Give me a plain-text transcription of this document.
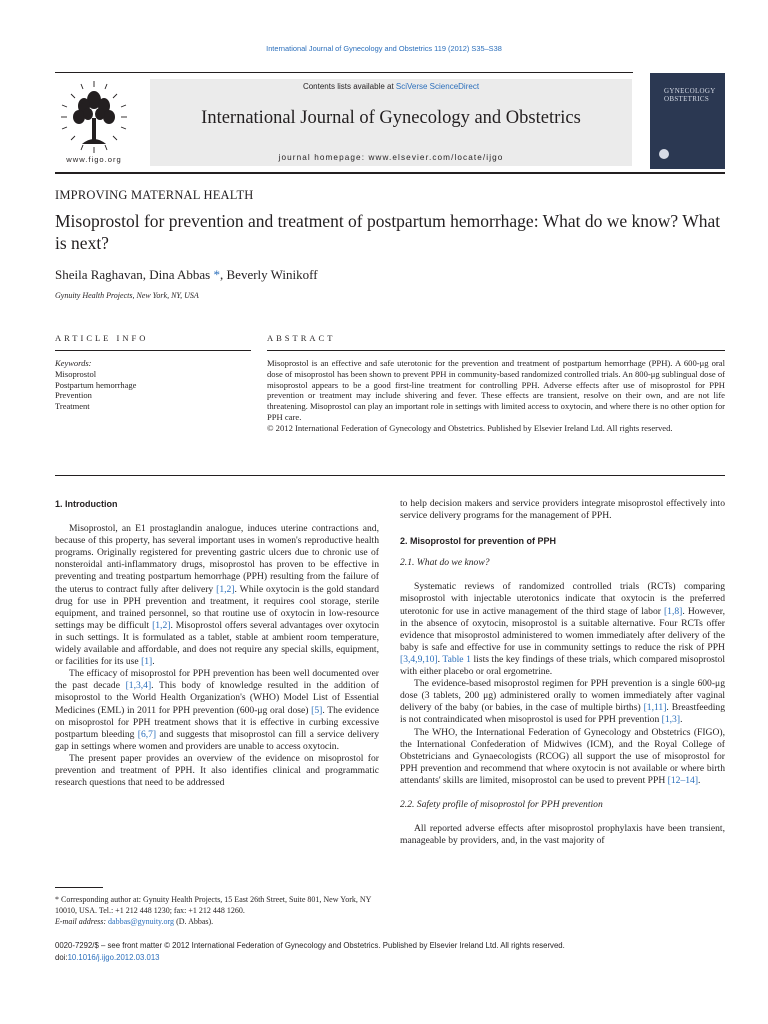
International Journal of Gynecology and Obstetrics 119 (2012) S35–S38
www.figo.org
Contents lists available at SciVerse ScienceDirect
International Journal of Gynecology and Obstetrics
journal homepage: www.elsevier.com/locate/ijgo
GYNECOLOGY OBSTETRICS
IMPROVING MATERNAL HEALTH
Misoprostol for prevention and treatment of postpartum hemorrhage: What do we know? What is next?
Sheila Raghavan, Dina Abbas *, Beverly Winikoff
Gynuity Health Projects, New York, NY, USA
ARTICLE INFO	ABSTRACT
Keywords:
Misoprostol
Postpartum hemorrhage
Prevention
Treatment
Misoprostol is an effective and safe uterotonic for the prevention and treatment of postpartum hemorrhage (PPH). A 600-μg oral dose of misoprostol has been shown to prevent PPH in community-based randomized controlled trials. An 800-μg sublingual dose of misoprostol appears to be a good first-line treatment for controlling PPH. Adverse effects after use of misoprostol for PPH prevention or treatment may include shivering and fever. These effects are transient, resolve on their own, and are not life threatening. Misoprostol can play an important role in settings with limited access to oxytocin, and where there is no other option for PPH care.
© 2012 International Federation of Gynecology and Obstetrics. Published by Elsevier Ireland Ltd. All rights reserved.
1. Introduction

Misoprostol, an E1 prostaglandin analogue, induces uterine contractions and, because of this property, has several important uses in women's reproductive health programs. Originally registered for preventing gastric ulcers due to chronic use of nonsteroidal anti-inflammatory drugs, misoprostol has proven to be effective in preventing and treating postpartum hemorrhage (PPH) resulting from the failure of the uterus to contract fully after delivery [1,2]. While oxytocin is the gold standard drug for use in PPH prevention and treatment, it requires cool storage, sterile equipment, and trained personnel, so that routine use of oxytocin in low-resource settings may be difficult [1,2]. Misoprostol offers several advantages over oxytocin in such settings. It is formulated as a tablet, stable at ambient room temperature, widely available and affordable, and does not require any special skills, equipment, or facilities for its use [1].

The efficacy of misoprostol for PPH prevention has been well documented over the past decade [1,3,4]. This body of knowledge resulted in the addition of misoprostol to the World Health Organization's (WHO) Model List of Essential Medicines (EML) in 2011 for PPH prevention (600-μg oral dose) [5]. The evidence on misoprostol for PPH treatment shows that it is effective in curbing excessive postpartum bleeding [6,7] and suggests that misoprostol can fill a service delivery gap in settings where women and providers are unable to access oxytocin.

The present paper provides an overview of the evidence on misoprostol for prevention and treatment of PPH. It also identifies clinical and programmatic research questions that need to be addressed

to help decision makers and service providers integrate misoprostol effectively into service delivery programs for the management of PPH.

2. Misoprostol for prevention of PPH
2.1. What do we know?

Systematic reviews of randomized controlled trials (RCTs) comparing misoprostol with injectable uterotonics indicate that oxytocin is the preferred uterotonic for use in active management of the third stage of labor [1,8]. However, in the absence of oxytocin, misoprostol is a suitable alternative. Four RCTs offer evidence that misoprostol administered to women immediately after delivery of the baby is safe and effective for use in community settings to reduce the risk of PPH [3,4,9,10]. Table 1 lists the key findings of these trials, which compared misoprostol with either placebo or oral ergometrine.

The evidence-based misoprostol regimen for PPH prevention is a single 600-μg dose (3 tablets, 200 μg) administered orally to women immediately after vaginal delivery of the baby (or babies, in the case of multiple births) [1,11]. Breastfeeding is not contraindicated when misoprostol is used for PPH prevention [1,3].

The WHO, the International Federation of Gynecology and Obstetrics (FIGO), the International Confederation of Midwives (ICM), and the Royal College of Obstetricians and Gynaecologists (RCOG) all support the use of misoprostol for PPH prevention and recommend that where oxytocin is not available or where birth attendants' skills are limited, misoprostol can be used to prevent PPH [12–14].

2.2. Safety profile of misoprostol for PPH prevention

All reported adverse effects after misoprostol prophylaxis have been transient, manageable by providers, and, in the vast majority of

* Corresponding author at: Gynuity Health Projects, 15 East 26th Street, Suite 801, New York, NY 10010, USA. Tel.: +1 212 448 1230; fax: +1 212 448 1260.
E-mail address: dabbas@gynuity.org (D. Abbas).
0020-7292/$ – see front matter © 2012 International Federation of Gynecology and Obstetrics. Published by Elsevier Ireland Ltd. All rights reserved.
doi:10.1016/j.ijgo.2012.03.013
